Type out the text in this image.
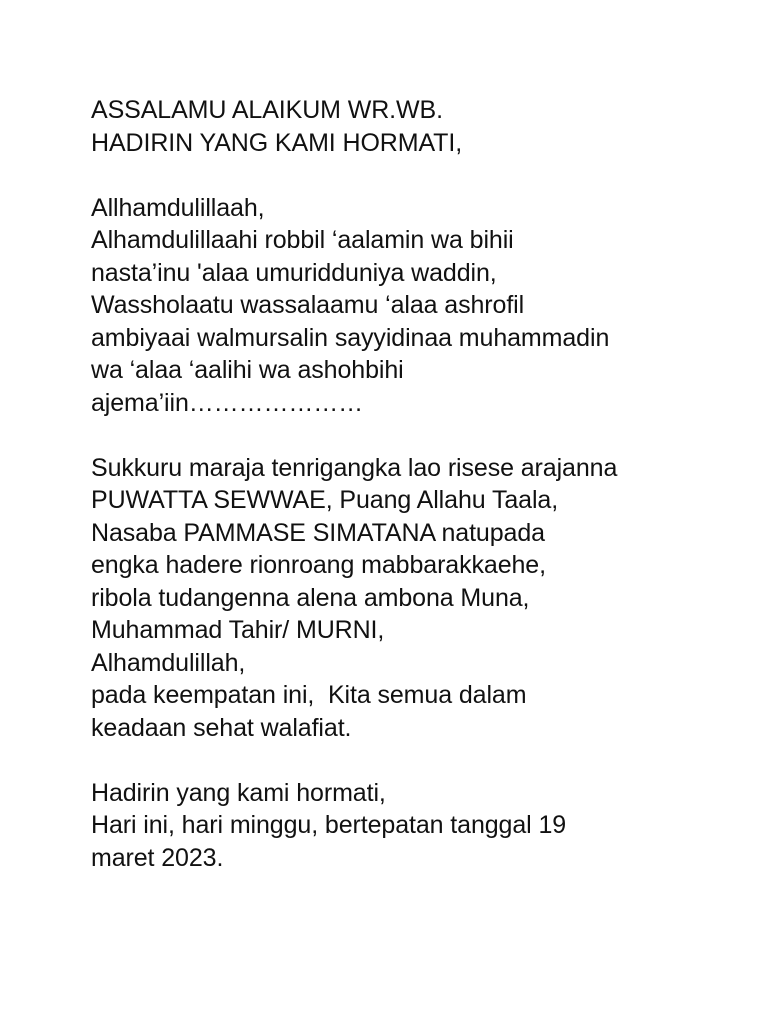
ASSALAMU ALAIKUM WR.WB.
HADIRIN YANG KAMI HORMATI,
Allhamdulillaah,
Alhamdulillaahi robbil ‘aalamin wa bihii
nasta’inu 'alaa umuridduniya waddin,
Wassholaatu wassalaamu ‘alaa ashrofil
ambiyaai walmursalin sayyidinaa muhammadin
wa ‘alaa ‘aalihi wa ashohbihi
ajema’iin…………………
Sukkuru maraja tenrigangka lao risese arajanna
PUWATTA SEWWAE, Puang Allahu Taala,
Nasaba PAMMASE SIMATANA natupada
engka hadere rionroang mabbarakkaehe,
ribola tudangenna alena ambona Muna,
Muhammad Tahir/ MURNI,
Alhamdulillah,
pada keempatan ini,  Kita semua dalam
keadaan sehat walafiat.
Hadirin yang kami hormati,
Hari ini, hari minggu, bertepatan tanggal 19
maret 2023.
